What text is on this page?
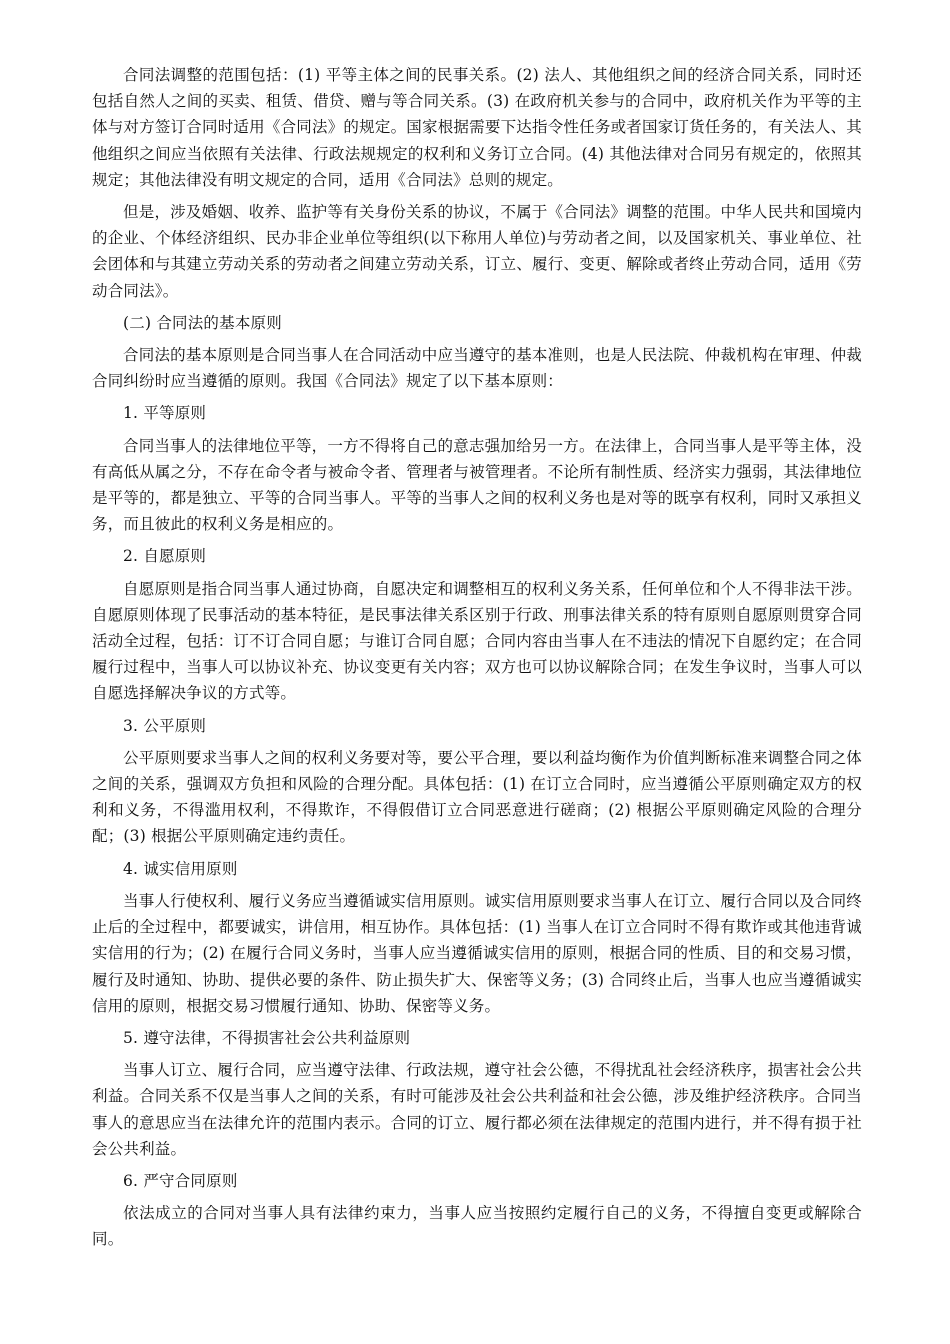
合同法调整的范围包括：(1) 平等主体之间的民事关系。(2) 法人、其他组织之间的经济合同关系，同时还包括自然人之间的买卖、租赁、借贷、赠与等合同关系。(3) 在政府机关参与的合同中，政府机关作为平等的主体与对方签订合同时适用《合同法》的规定。国家根据需要下达指令性任务或者国家订货任务的，有关法人、其他组织之间应当依照有关法律、行政法规规定的权利和义务订立合同。(4) 其他法律对合同另有规定的，依照其规定；其他法律没有明文规定的合同，适用《合同法》总则的规定。

但是，涉及婚姻、收养、监护等有关身份关系的协议，不属于《合同法》调整的范围。中华人民共和国境内的企业、个体经济组织、民办非企业单位等组织(以下称用人单位)与劳动者之间，以及国家机关、事业单位、社会团体和与其建立劳动关系的劳动者之间建立劳动关系，订立、履行、变更、解除或者终止劳动合同，适用《劳动合同法》。

(二) 合同法的基本原则

合同法的基本原则是合同当事人在合同活动中应当遵守的基本准则，也是人民法院、仲裁机构在审理、仲裁合同纠纷时应当遵循的原则。我国《合同法》规定了以下基本原则：

1. 平等原则

合同当事人的法律地位平等，一方不得将自己的意志强加给另一方。在法律上，合同当事人是平等主体，没有高低从属之分，不存在命令者与被命令者、管理者与被管理者。不论所有制性质、经济实力强弱，其法律地位是平等的，都是独立、平等的合同当事人。平等的当事人之间的权利义务也是对等的既享有权利，同时又承担义务，而且彼此的权利义务是相应的。

2. 自愿原则

自愿原则是指合同当事人通过协商，自愿决定和调整相互的权利义务关系，任何单位和个人不得非法干涉。自愿原则体现了民事活动的基本特征，是民事法律关系区别于行政、刑事法律关系的特有原则自愿原则贯穿合同活动全过程，包括：订不订合同自愿；与谁订合同自愿；合同内容由当事人在不违法的情况下自愿约定；在合同履行过程中，当事人可以协议补充、协议变更有关内容；双方也可以协议解除合同；在发生争议时，当事人可以自愿选择解决争议的方式等。

3. 公平原则

公平原则要求当事人之间的权利义务要对等，要公平合理，要以利益均衡作为价值判断标准来调整合同之体之间的关系，强调双方负担和风险的合理分配。具体包括：(1) 在订立合同时，应当遵循公平原则确定双方的权利和义务，不得滥用权利，不得欺诈，不得假借订立合同恶意进行磋商；(2) 根据公平原则确定风险的合理分配；(3) 根据公平原则确定违约责任。

4. 诚实信用原则

当事人行使权利、履行义务应当遵循诚实信用原则。诚实信用原则要求当事人在订立、履行合同以及合同终止后的全过程中，都要诚实，讲信用，相互协作。具体包括：(1) 当事人在订立合同时不得有欺诈或其他违背诚实信用的行为；(2) 在履行合同义务时，当事人应当遵循诚实信用的原则，根据合同的性质、目的和交易习惯，履行及时通知、协助、提供必要的条件、防止损失扩大、保密等义务；(3) 合同终止后，当事人也应当遵循诚实信用的原则，根据交易习惯履行通知、协助、保密等义务。

5. 遵守法律，不得损害社会公共利益原则

当事人订立、履行合同，应当遵守法律、行政法规，遵守社会公德，不得扰乱社会经济秩序，损害社会公共利益。合同关系不仅是当事人之间的关系，有时可能涉及社会公共利益和社会公德，涉及维护经济秩序。合同当事人的意思应当在法律允许的范围内表示。合同的订立、履行都必须在法律规定的范围内进行，并不得有损于社会公共利益。

6. 严守合同原则

依法成立的合同对当事人具有法律约束力，当事人应当按照约定履行自己的义务，不得擅自变更或解除合同。
